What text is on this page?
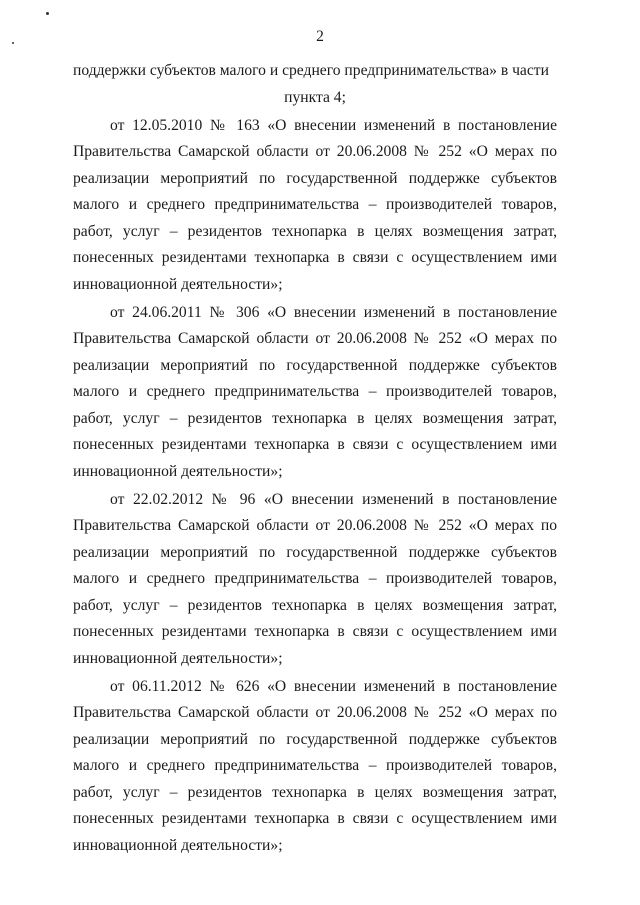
2

поддержки субъектов малого и среднего предпринимательства» в части
пункта 4;

от 12.05.2010 № 163 «О внесении изменений в постановление Правительства Самарской области от 20.06.2008 № 252 «О мерах по реализации мероприятий по государственной поддержке субъектов малого и среднего предпринимательства – производителей товаров, работ, услуг – резидентов технопарка в целях возмещения затрат, понесенных резидентами технопарка в связи с осуществлением ими инновационной деятельности»;

от 24.06.2011 № 306 «О внесении изменений в постановление Правительства Самарской области от 20.06.2008 № 252 «О мерах по реализации мероприятий по государственной поддержке субъектов малого и среднего предпринимательства – производителей товаров, работ, услуг – резидентов технопарка в целях возмещения затрат, понесенных резидентами технопарка в связи с осуществлением ими инновационной деятельности»;

от 22.02.2012 № 96 «О внесении изменений в постановление Правительства Самарской области от 20.06.2008 № 252 «О мерах по реализации мероприятий по государственной поддержке субъектов малого и среднего предпринимательства – производителей товаров, работ, услуг – резидентов технопарка в целях возмещения затрат, понесенных резидентами технопарка в связи с осуществлением ими инновационной деятельности»;

от 06.11.2012 № 626 «О внесении изменений в постановление Правительства Самарской области от 20.06.2008 № 252 «О мерах по реализации мероприятий по государственной поддержке субъектов малого и среднего предпринимательства – производителей товаров, работ, услуг – резидентов технопарка в целях возмещения затрат, понесенных резидентами технопарка в связи с осуществлением ими инновационной деятельности»;
